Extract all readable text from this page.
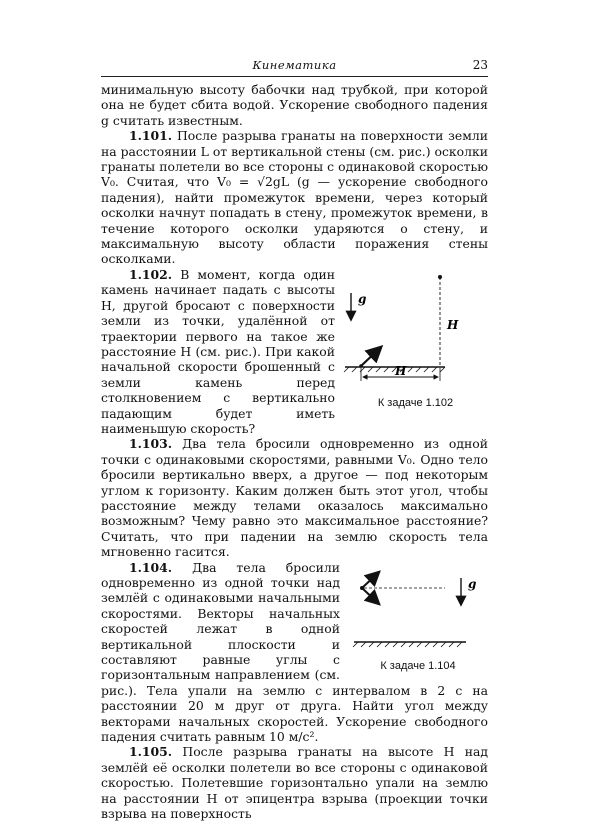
Кинематика	23

минимальную высоту бабочки над трубкой, при которой она не будет сбита водой. Ускорение свободного падения g считать известным.

1.101. После разрыва гранаты на поверхности земли на расстоянии L от вертикальной стены (см. рис.) осколки гранаты полетели во все стороны с одинаковой скоростью V₀. Считая, что V₀ = √2gL (g — ускорение свободного падения), найти промежуток времени, через который осколки начнут попадать в стену, промежуток времени, в течение которого осколки ударяются о стену, и максимальную высоту области поражения стены осколками.

g
H
H
К задаче 1.102

1.102. В момент, когда один камень начинает падать с высоты H, другой бросают с поверхности земли из точки, удалённой от траектории первого на такое же расстояние H (см. рис.). При какой начальной скорости брошенный с земли камень перед столкновением с вертикально падающим будет иметь наименьшую скорость?

1.103. Два тела бросили одновременно из одной точки с одинаковыми скоростями, равными V₀. Одно тело бросили вертикально вверх, а другое — под некоторым углом к горизонту. Каким должен быть этот угол, чтобы расстояние между телами оказалось максимально возможным? Чему равно это максимальное расстояние? Считать, что при падении на землю скорость тела мгновенно гасится.

g
К задаче 1.104

1.104. Два тела бросили одновременно из одной точки над землёй с одинаковыми начальными скоростями. Векторы начальных скоростей лежат в одной вертикальной плоскости и составляют равные углы с горизонтальным направлением (см. рис.). Тела упали на землю с интервалом в 2 с на расстоянии 20 м друг от друга. Найти угол между векторами начальных скоростей. Ускорение свободного падения считать равным 10 м/с².

1.105. После разрыва гранаты на высоте H над землёй её осколки полетели во все стороны с одинаковой скоростью. Полетевшие горизонтально упали на землю на расстоянии H от эпицентра взрыва (проекции точки взрыва на поверхность
